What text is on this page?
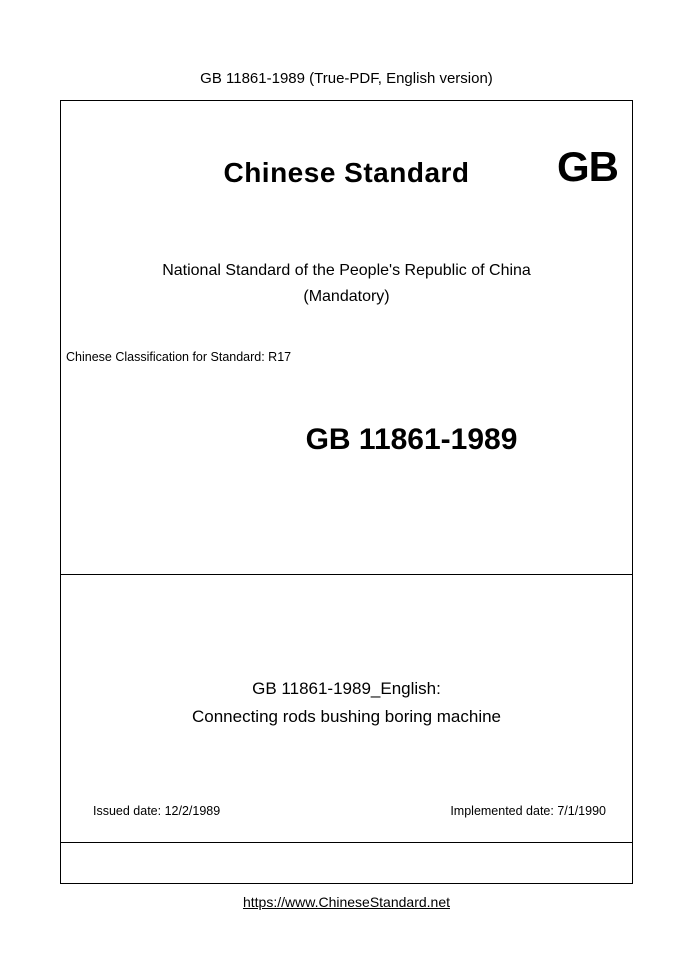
GB 11861-1989 (True-PDF, English version)
Chinese Standard	GB
National Standard of the People's Republic of China
(Mandatory)
Chinese Classification for Standard: R17
GB 11861-1989
GB 11861-1989_English:
Connecting rods bushing boring machine
Issued date: 12/2/1989	Implemented date: 7/1/1990
https://www.ChineseStandard.net
